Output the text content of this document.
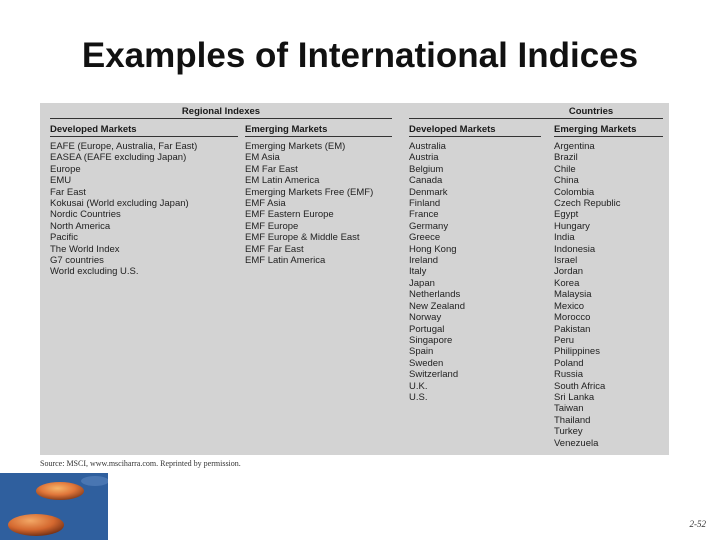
Examples of International Indices
Regional Indexes
Developed Markets
EAFE (Europe, Australia, Far East)
EASEA (EAFE excluding Japan)
Europe
EMU
Far East
Kokusai (World excluding Japan)
Nordic Countries
North America
Pacific
The World Index
G7 countries
World excluding U.S.
Emerging Markets
Emerging Markets (EM)
EM Asia
EM Far East
EM Latin America
Emerging Markets Free (EMF)
EMF Asia
EMF Eastern Europe
EMF Europe
EMF Europe & Middle East
EMF Far East
EMF Latin America
Countries
Developed Markets
Australia
Austria
Belgium
Canada
Denmark
Finland
France
Germany
Greece
Hong Kong
Ireland
Italy
Japan
Netherlands
New Zealand
Norway
Portugal
Singapore
Spain
Sweden
Switzerland
U.K.
U.S.
Emerging Markets
Argentina
Brazil
Chile
China
Colombia
Czech Republic
Egypt
Hungary
India
Indonesia
Israel
Jordan
Korea
Malaysia
Mexico
Morocco
Pakistan
Peru
Philippines
Poland
Russia
South Africa
Sri Lanka
Taiwan
Thailand
Turkey
Venezuela
Source: MSCI, www.msciharra.com. Reprinted by permission.
2-52
